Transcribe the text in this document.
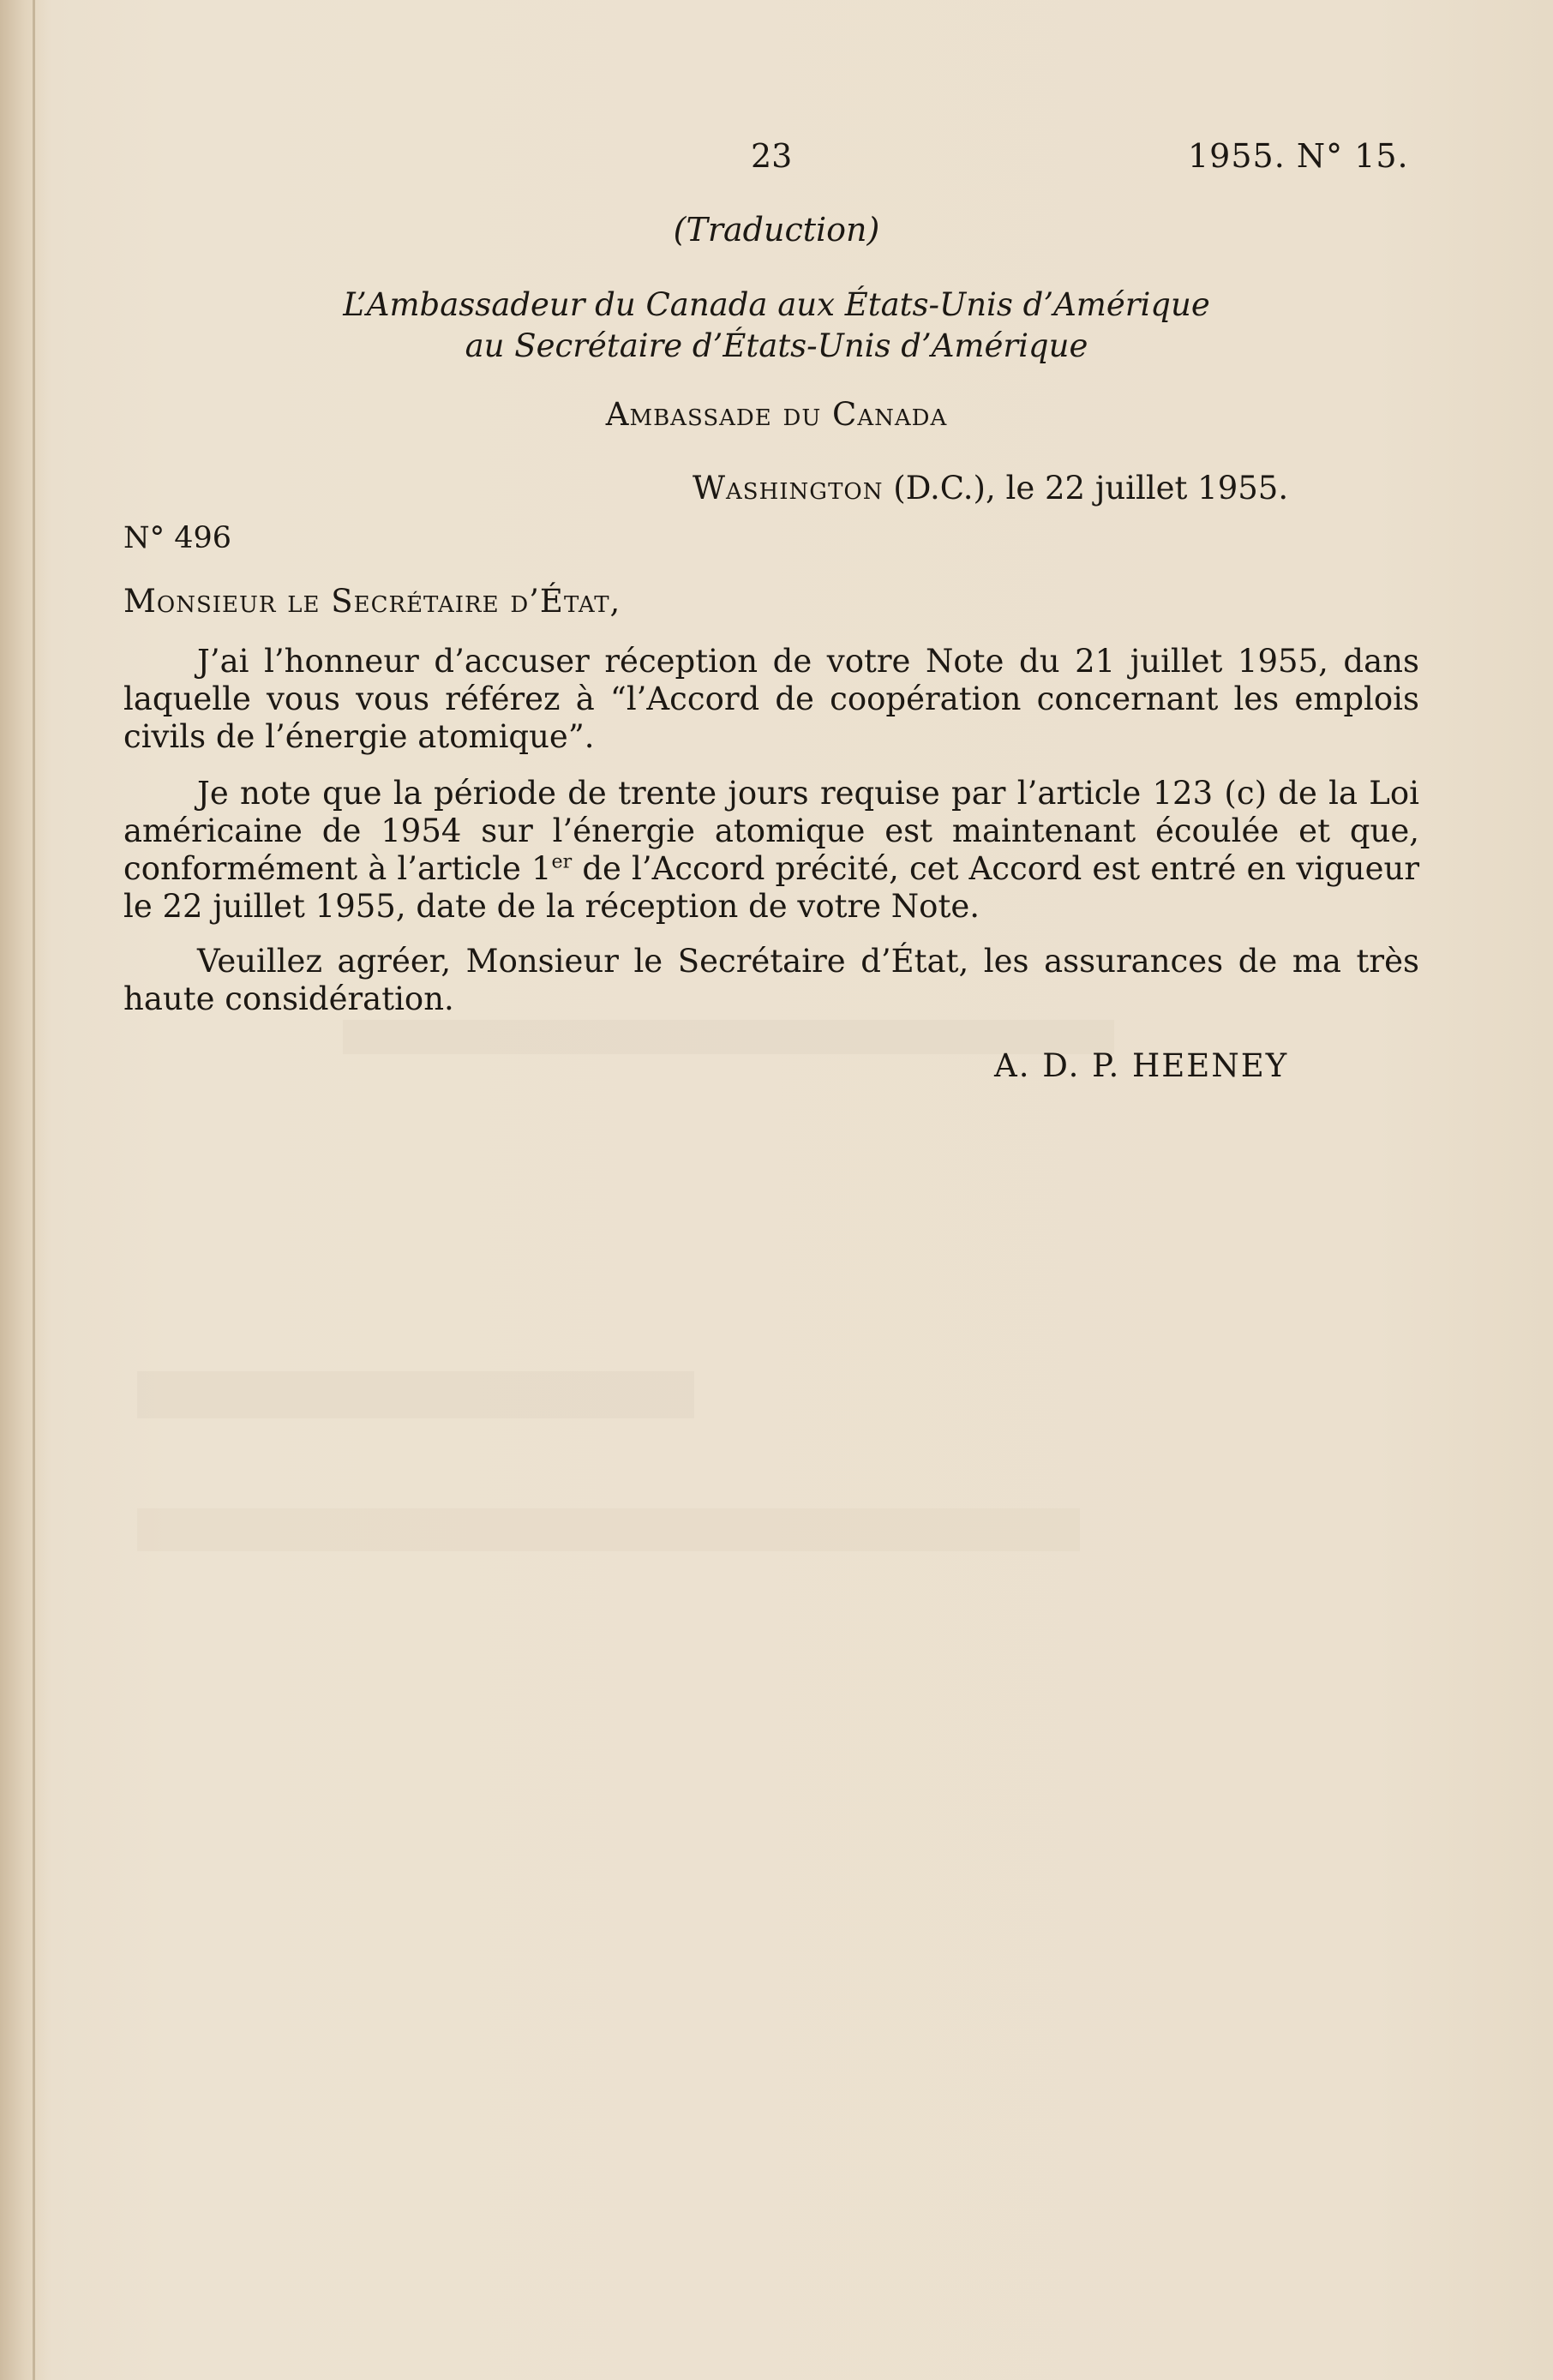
23	1955. N° 15.
(Traduction)
L’Ambassadeur du Canada aux États-Unis d’Amérique
au Secrétaire d’États-Unis d’Amérique
Ambassade du Canada
Washington (D.C.), le 22 juillet 1955.
N° 496
Monsieur le Secrétaire d’État,
J’ai l’honneur d’accuser réception de votre Note du 21 juillet 1955, dans laquelle vous vous référez à “l’Accord de coopération concernant les emplois civils de l’énergie atomique”.
Je note que la période de trente jours requise par l’article 123 (c) de la Loi américaine de 1954 sur l’énergie atomique est maintenant écoulée et que, conformément à l’article 1er de l’Accord précité, cet Accord est entré en vigueur le 22 juillet 1955, date de la réception de votre Note.
Veuillez agréer, Monsieur le Secrétaire d’État, les assurances de ma très haute considération.
A. D. P. HEENEY
